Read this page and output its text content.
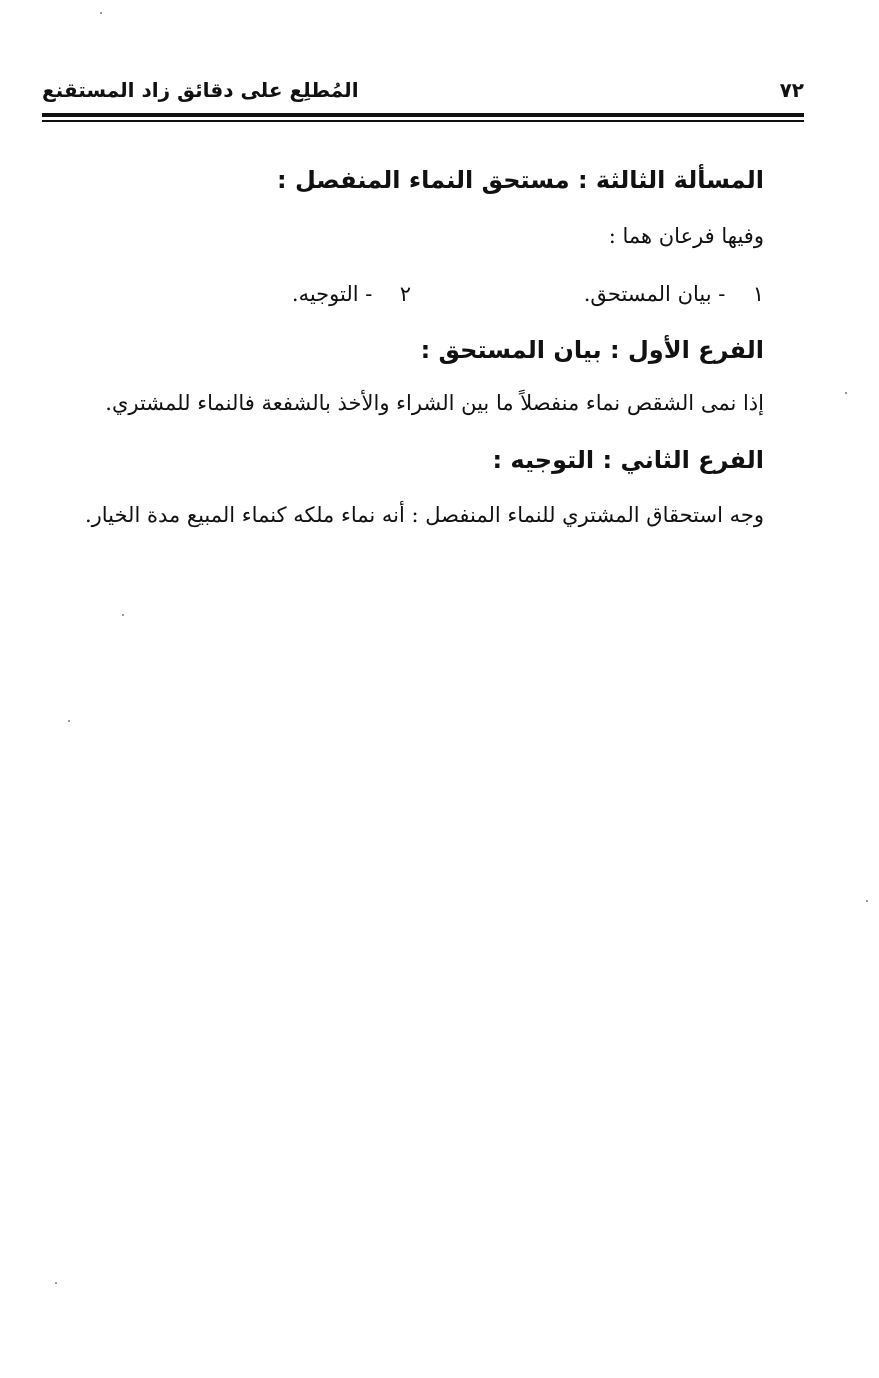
٧٢
المُطلِع على دقائق زاد المستقنع
المسألة الثالثة : مستحق النماء المنفصل :
وفيها فرعان هما :
١  - بيان المستحق.
٢  - التوجيه.
الفرع الأول : بيان المستحق :
إذا نمى الشقص نماء منفصلاً ما بين الشراء والأخذ بالشفعة فالنماء للمشتري.
الفرع الثاني : التوجيه :
وجه استحقاق المشتري للنماء المنفصل : أنه نماء ملكه كنماء المبيع مدة الخيار.
